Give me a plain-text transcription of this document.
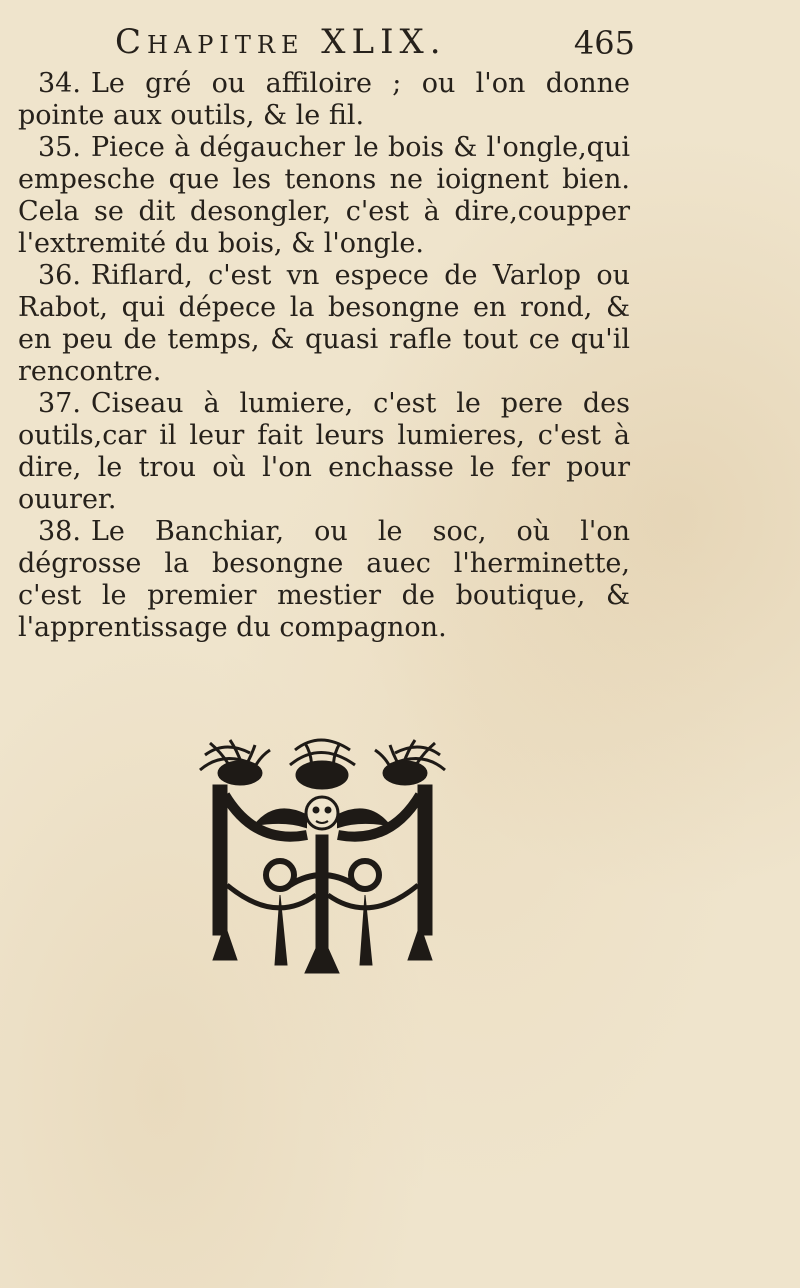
Chapitre XLIX.	465

34. Le gré ou affiloire ; ou l'on donne pointe aux outils, & le fil.

35. Piece à dégaucher le bois & l'ongle,qui empesche que les tenons ne ioignent bien. Cela se dit desongler, c'est à dire,coupper l'extremité du bois, & l'ongle.

36. Riflard, c'est vn espece de Varlop ou Rabot, qui dépece la besongne en rond, & en peu de temps, & quasi rafle tout ce qu'il rencontre.

37. Ciseau à lumiere, c'est le pere des outils,car il leur fait leurs lumieres, c'est à dire, le trou où l'on enchasse le fer pour ouurer.

38. Le Banchiar, ou le soc, où l'on dégrosse la besongne auec l'herminette, c'est le premier mestier de boutique, & l'apprentissage du compagnon.
